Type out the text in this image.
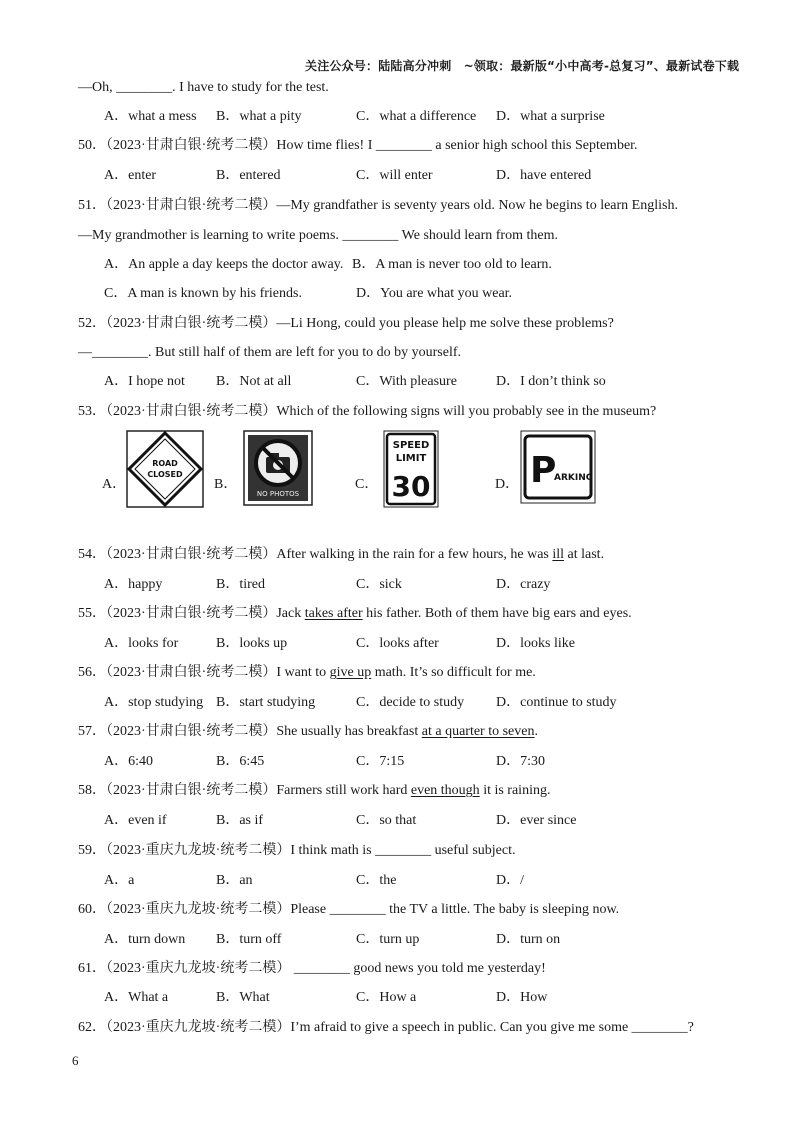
关注公众号：陆陆高分冲刺　~领取：最新版“小中高考-总复习”、最新试卷下载
—Oh, ________. I have to study for the test.
A．what a mess B．what a pity	C．what a difference D．what a surprise
50．（2023·甘肃白银·统考二模）How time flies! I ________ a senior high school this September.
A．enter	B．entered	C．will enter	D．have entered
51．（2023·甘肃白银·统考二模）—My grandfather is seventy years old. Now he begins to learn English.
—My grandmother is learning to write poems. ________ We should learn from them.
A．An apple a day keeps the doctor away. B．A man is never too old to learn.
C．A man is known by his friends.	D．You are what you wear.
52．（2023·甘肃白银·统考二模）—Li Hong, could you please help me solve these problems?
—________. But still half of them are left for you to do by yourself.
A．I hope not B．Not at all	C．With pleasure	D．I don’t think so
53．（2023·甘肃白银·统考二模）Which of the following signs will you probably see in the museum?
A．
ROAD
CLOSED
B．
NO PHOTOS
C．
SPEED
LIMIT
30	D． P
ARKING
54．（2023·甘肃白银·统考二模）After walking in the rain for a few hours, he was ill at last.
A．happy	B．tired	C．sick	D．crazy
55．（2023·甘肃白银·统考二模）Jack takes after his father. Both of them have big ears and eyes.
A．looks for	B．looks up	C．looks after	D．looks like
56．（2023·甘肃白银·统考二模）I want to give up math. It’s so difficult for me.
A．stop studying B．start studying	C．decide to study D．continue to study
57．（2023·甘肃白银·统考二模）She usually has breakfast at a quarter to seven.
A．6:40	B．6:45	C．7:15	D．7:30
58．（2023·甘肃白银·统考二模）Farmers still work hard even though it is raining.
A．even if	B．as if	C．so that	D．ever since
59．（2023·重庆九龙坡·统考二模）I think math is ________ useful subject.
A．a	B．an	C．the	D．/
60．（2023·重庆九龙坡·统考二模）Please ________ the TV a little. The baby is sleeping now.
A．turn down B．turn off	C．turn up	D．turn on
61．（2023·重庆九龙坡·统考二模） ________ good news you told me yesterday!
A．What a	B．What	C．How a	D．How
62．（2023·重庆九龙坡·统考二模）I’m afraid to give a speech in public. Can you give me some ________?
6
